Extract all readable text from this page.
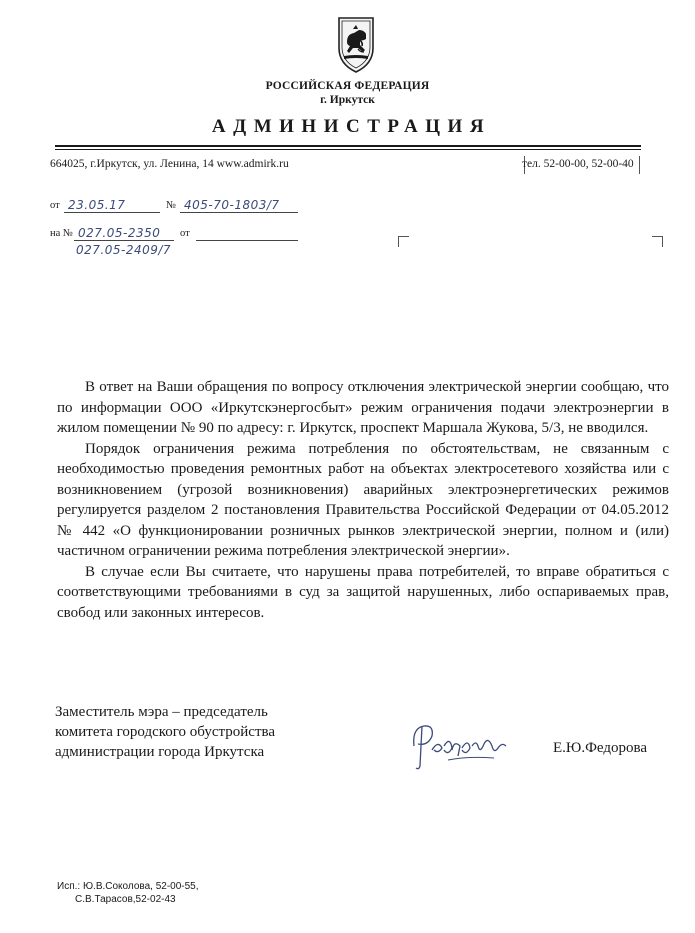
РОССИЙСКАЯ ФЕДЕРАЦИЯ
г. Иркутск
АДМИНИСТРАЦИЯ
664025, г.Иркутск, ул. Ленина, 14 www.admirk.ru	тел. 52-00-00, 52-00-40
от 23.05.17	№ 405-70-1803/7
на № 027.05-2350
027.05-2409/7
от

В ответ на Ваши обращения по вопросу отключения электрической энергии сообщаю, что по информации ООО «Иркутскэнергосбыт» режим ограничения подачи электроэнергии в жилом помещении № 90 по адресу: г. Иркутск, проспект Маршала Жукова, 5/3, не вводился.

Порядок ограничения режима потребления по обстоятельствам, не связанным с необходимостью проведения ремонтных работ на объектах электросетевого хозяйства или с возникновением (угрозой возникновения) аварийных электроэнергетических режимов регулируется разделом 2 постановления Правительства Российской Федерации от 04.05.2012 № 442 «О функционировании розничных рынков электрической энергии, полном и (или) частичном ограничении режима потребления электрической энергии».

В случае если Вы считаете, что нарушены права потребителей, то вправе обратиться с соответствующими требованиями в суд за защитой нарушенных, либо оспариваемых прав, свобод или законных интересов.

Заместитель мэра – председатель
комитета городского обустройства
администрации города Иркутска	Е.Ю.Федорова
Исп.: Ю.В.Соколова, 52-00-55,
С.В.Тарасов,52-02-43
